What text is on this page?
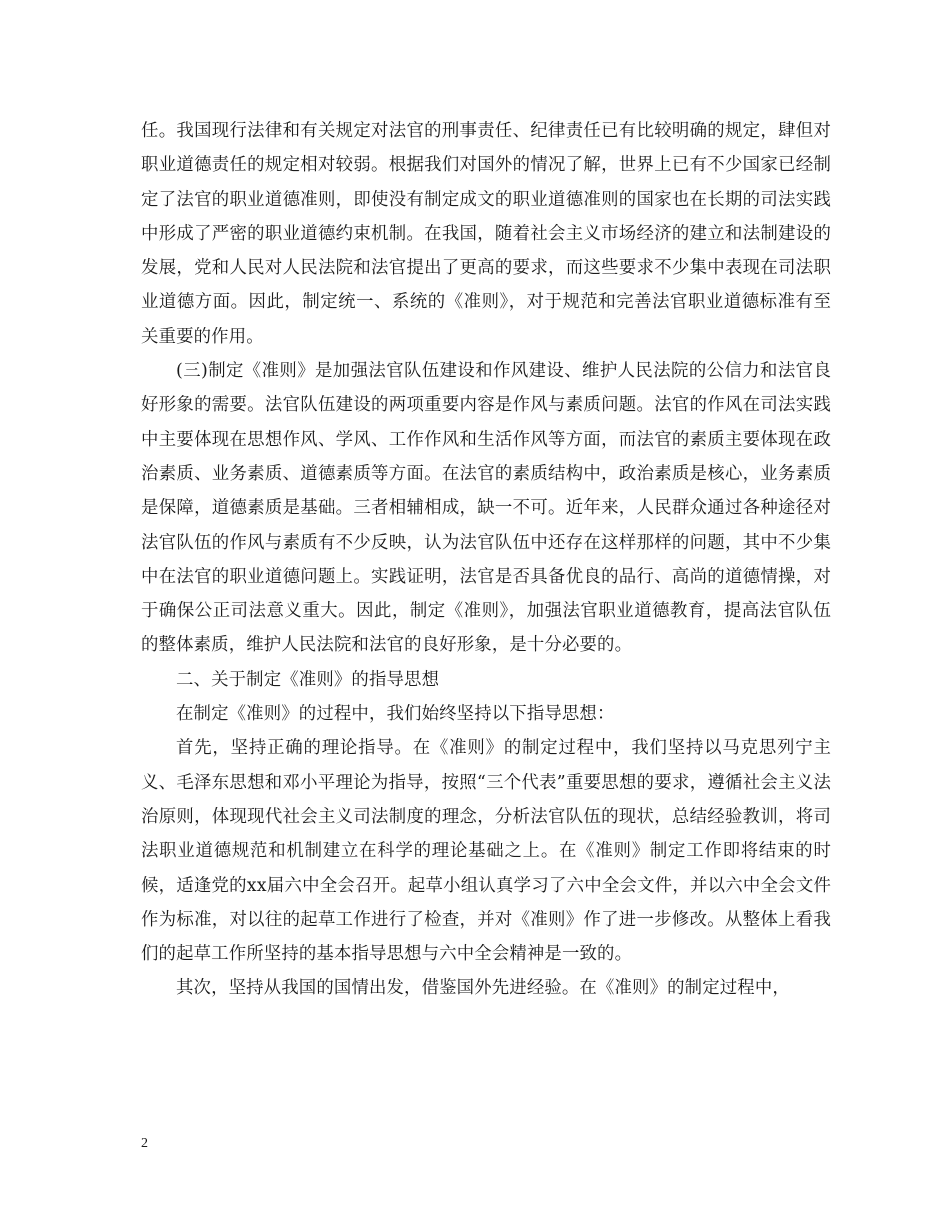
任。我国现行法律和有关规定对法官的刑事责任、纪律责任已有比较明确的规定，肆但对职业道德责任的规定相对较弱。根据我们对国外的情况了解，世界上已有不少国家已经制定了法官的职业道德准则，即使没有制定成文的职业道德准则的国家也在长期的司法实践中形成了严密的职业道德约束机制。在我国，随着社会主义市场经济的建立和法制建设的发展，党和人民对人民法院和法官提出了更高的要求，而这些要求不少集中表现在司法职业道德方面。因此，制定统一、系统的《准则》，对于规范和完善法官职业道德标准有至关重要的作用。

(三)制定《准则》是加强法官队伍建设和作风建设、维护人民法院的公信力和法官良好形象的需要。法官队伍建设的两项重要内容是作风与素质问题。法官的作风在司法实践中主要体现在思想作风、学风、工作作风和生活作风等方面，而法官的素质主要体现在政治素质、业务素质、道德素质等方面。在法官的素质结构中，政治素质是核心，业务素质是保障，道德素质是基础。三者相辅相成，缺一不可。近年来，人民群众通过各种途径对法官队伍的作风与素质有不少反映，认为法官队伍中还存在这样那样的问题，其中不少集中在法官的职业道德问题上。实践证明，法官是否具备优良的品行、高尚的道德情操，对于确保公正司法意义重大。因此，制定《准则》，加强法官职业道德教育，提高法官队伍的整体素质，维护人民法院和法官的良好形象，是十分必要的。

二、关于制定《准则》的指导思想

在制定《准则》的过程中，我们始终坚持以下指导思想：

首先，坚持正确的理论指导。在《准则》的制定过程中，我们坚持以马克思列宁主义、毛泽东思想和邓小平理论为指导，按照“三个代表”重要思想的要求，遵循社会主义法治原则，体现现代社会主义司法制度的理念，分析法官队伍的现状，总结经验教训，将司法职业道德规范和机制建立在科学的理论基础之上。在《准则》制定工作即将结束的时候，适逢党的xx届六中全会召开。起草小组认真学习了六中全会文件，并以六中全会文件作为标准，对以往的起草工作进行了检查，并对《准则》作了进一步修改。从整体上看我们的起草工作所坚持的基本指导思想与六中全会精神是一致的。

其次，坚持从我国的国情出发，借鉴国外先进经验。在《准则》的制定过程中，

2
